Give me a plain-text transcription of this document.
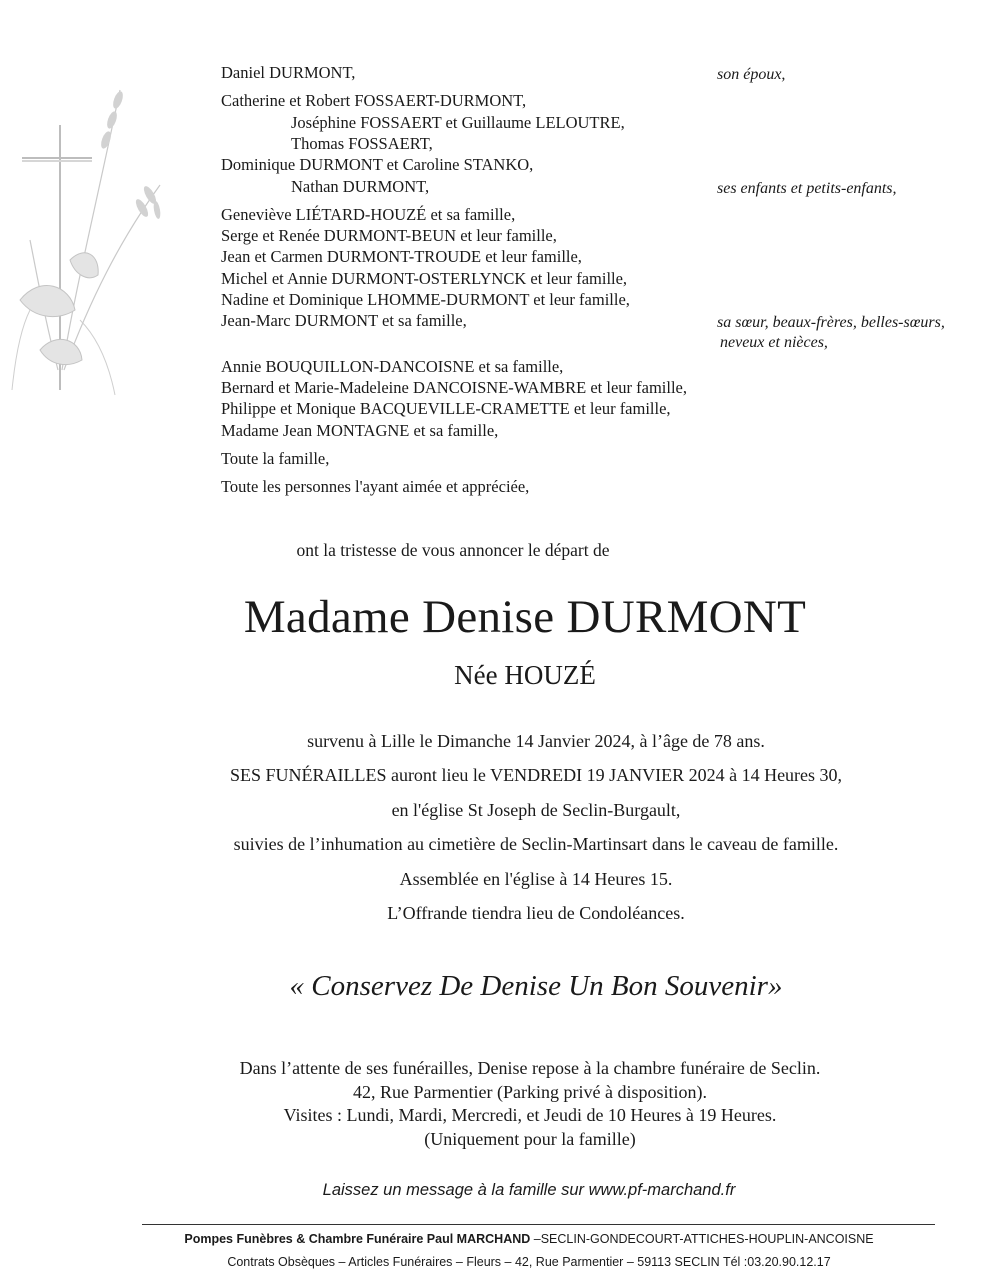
Daniel DURMONT,	son époux,
Catherine et Robert FOSSAERT-DURMONT,
Joséphine FOSSAERT et Guillaume LELOUTRE,
Thomas FOSSAERT,
Dominique DURMONT et Caroline STANKO,
Nathan DURMONT,	ses enfants et petits-enfants,
Geneviève LIÉTARD-HOUZÉ et sa famille,
Serge et Renée DURMONT-BEUN et leur famille,
Jean et Carmen DURMONT-TROUDE et leur famille,
Michel et Annie DURMONT-OSTERLYNCK et leur famille,
Nadine et Dominique LHOMME-DURMONT et leur famille,
Jean-Marc DURMONT et sa famille,	sa sœur, beaux-frères, belles-sœurs,
neveux et nièces,
Annie BOUQUILLON-DANCOISNE et sa famille,
Bernard et Marie-Madeleine DANCOISNE-WAMBRE et leur famille,
Philippe et Monique BACQUEVILLE-CRAMETTE et leur famille,
Madame Jean MONTAGNE et sa famille,
Toute la famille,
Toute les personnes l'ayant aimée et appréciée,
ont la tristesse de vous annoncer le départ de
Madame Denise DURMONT
Née HOUZÉ
survenu à Lille le Dimanche 14 Janvier 2024, à l’âge de 78 ans.
SES FUNÉRAILLES auront lieu le VENDREDI 19 JANVIER 2024 à 14 Heures 30,
en l'église St Joseph de Seclin-Burgault,
suivies de l’inhumation au cimetière de Seclin-Martinsart dans le caveau de famille.
Assemblée en l'église à 14 Heures 15.
L’Offrande tiendra lieu de Condoléances.
« Conservez De Denise Un Bon Souvenir»
Dans l’attente de ses funérailles, Denise repose à la chambre funéraire de Seclin.
42, Rue Parmentier (Parking privé à disposition).
Visites : Lundi, Mardi, Mercredi, et Jeudi de 10 Heures à 19 Heures.
(Uniquement pour la famille)
Laissez un message à la famille sur www.pf-marchand.fr
Pompes Funèbres & Chambre Funéraire Paul MARCHAND –SECLIN-GONDECOURT-ATTICHES-HOUPLIN-ANCOISNE
Contrats Obsèques – Articles Funéraires – Fleurs – 42, Rue Parmentier – 59113 SECLIN Tél :03.20.90.12.17
